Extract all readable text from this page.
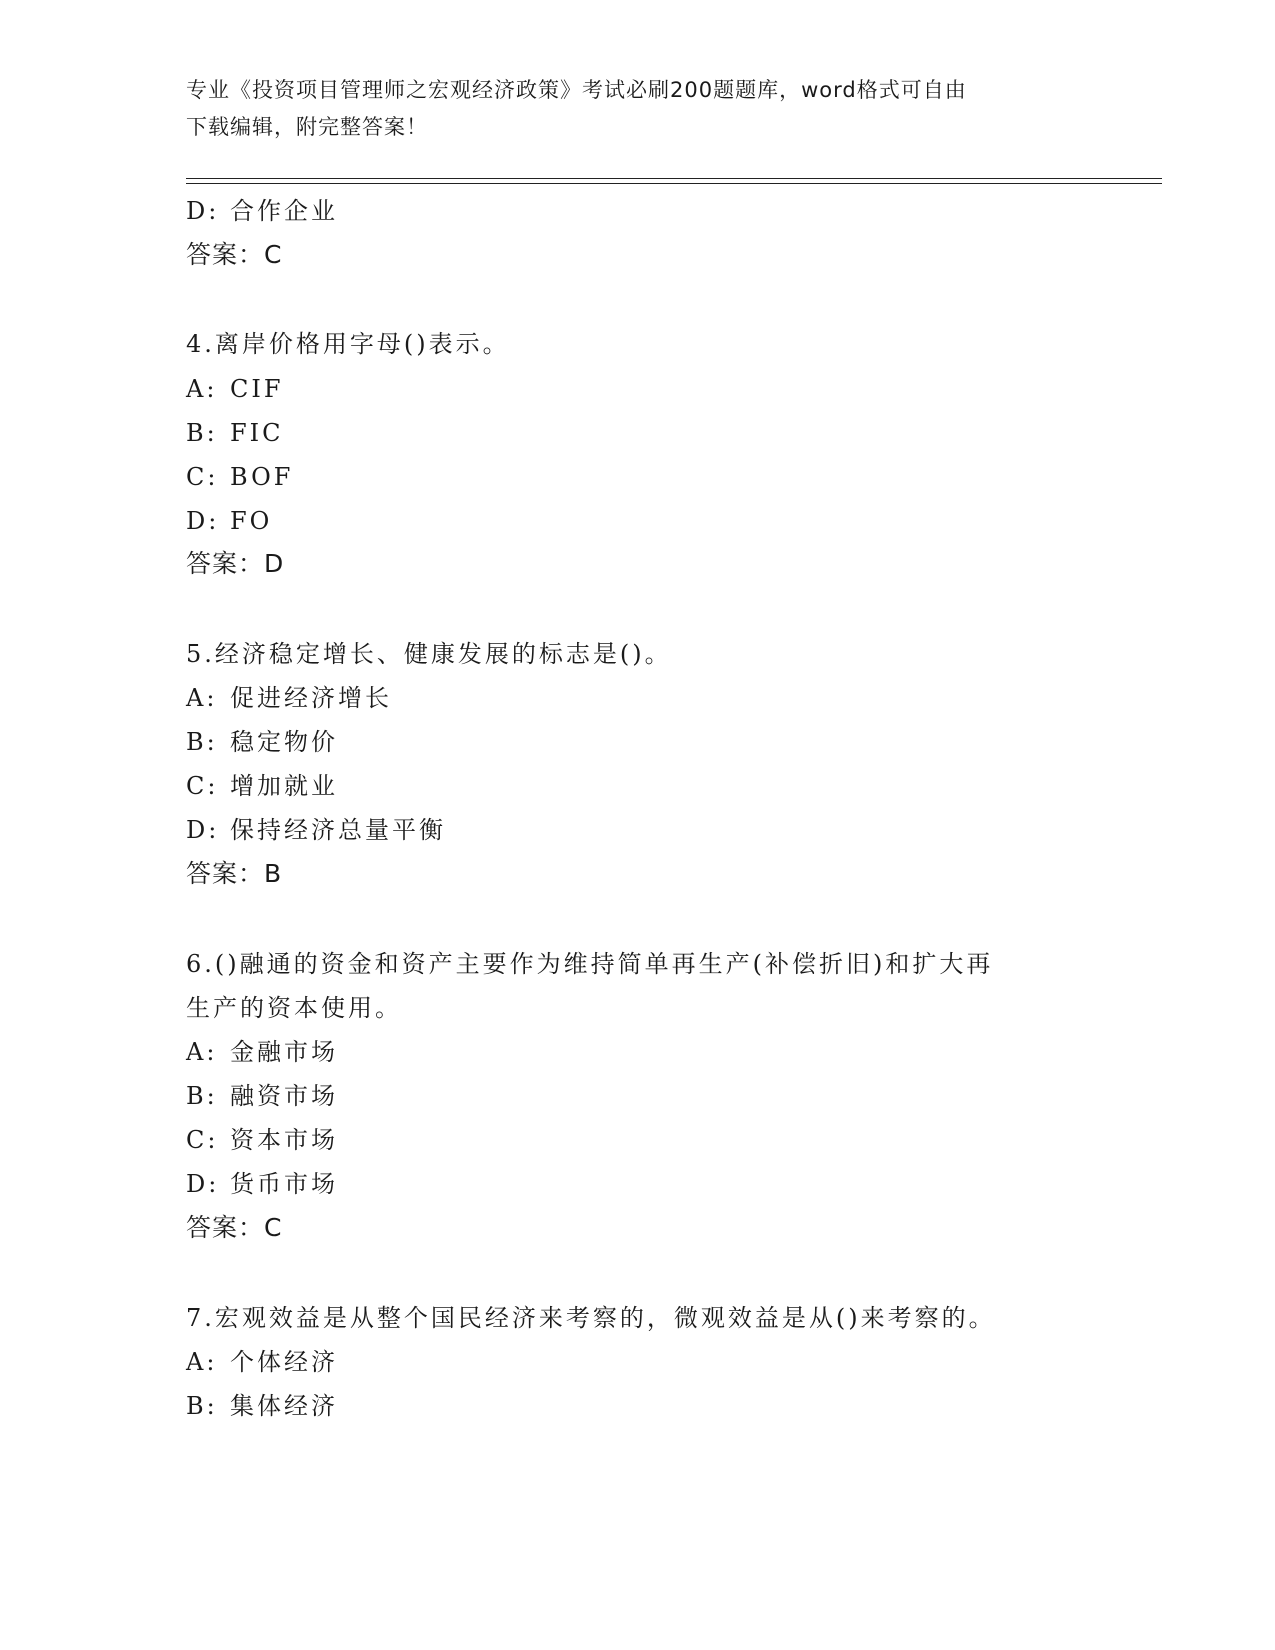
专业《投资项目管理师之宏观经济政策》考试必刷200题题库，word格式可自由
下载编辑，附完整答案！
D: 合作企业
答案：C
4.离岸价格用字母()表示。
A: CIF
B: FIC
C: BOF
D: FO
答案：D
5.经济稳定增长、健康发展的标志是()。
A: 促进经济增长
B: 稳定物价
C: 增加就业
D: 保持经济总量平衡
答案：B
6.()融通的资金和资产主要作为维持简单再生产(补偿折旧)和扩大再
生产的资本使用。
A: 金融市场
B: 融资市场
C: 资本市场
D: 货币市场
答案：C
7.宏观效益是从整个国民经济来考察的，微观效益是从()来考察的。
A: 个体经济
B: 集体经济
